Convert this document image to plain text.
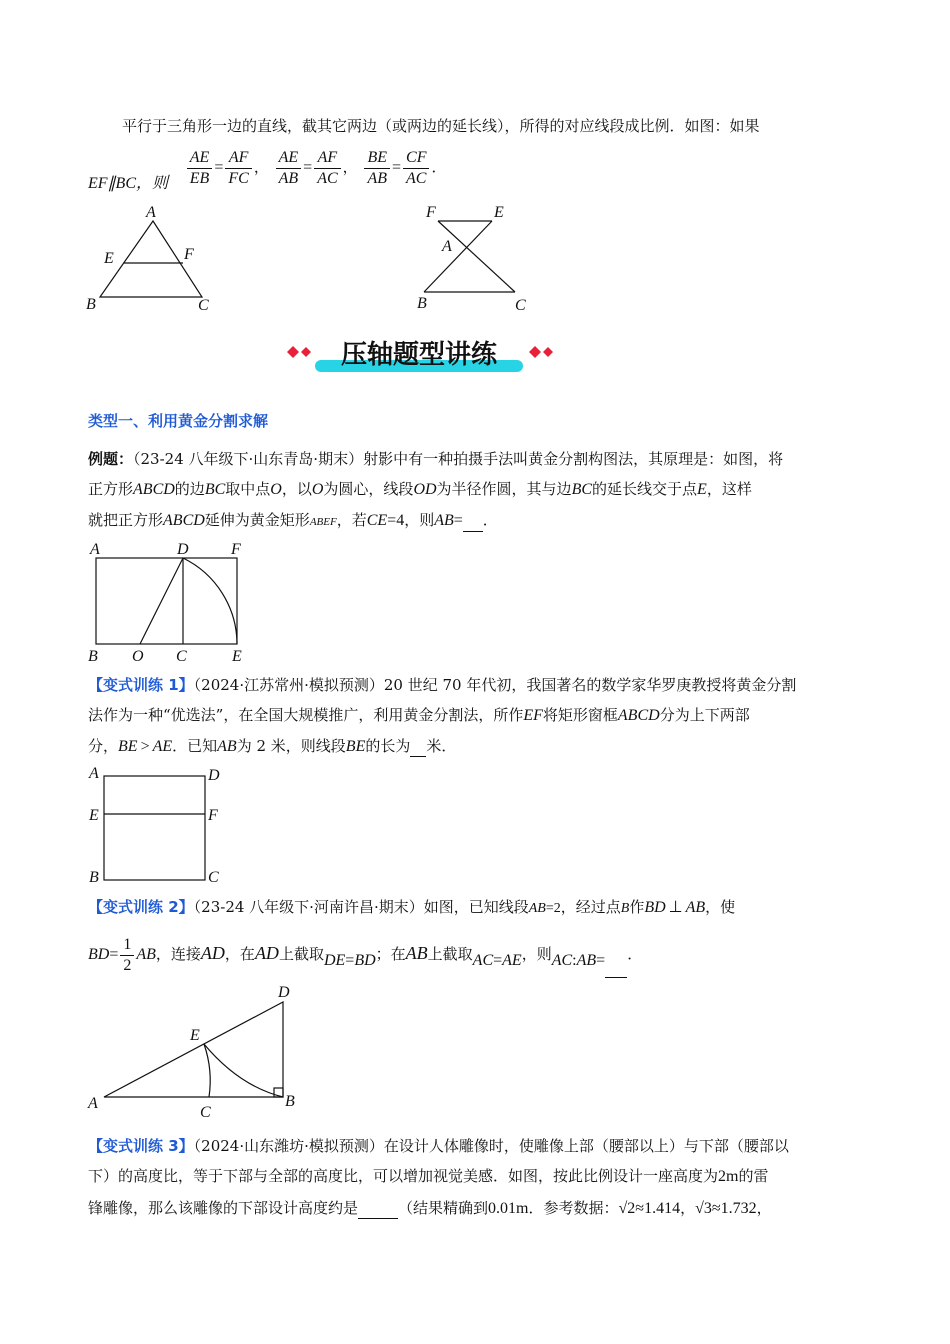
平行于三角形一边的直线，截其它两边（或两边的延长线），所得的对应线段成比例．如图：如果

$\frac{AE}{EB} = \frac{AF}{FC}$ ， $\frac{AE}{AB} = \frac{AF}{AC}$ ， $\frac{BE}{AB} = \frac{CF}{AC}$ ．
EF∥BC，则
A
E	F
B	C
F	E
A
B	C
压轴题型讲练
类型一、利用黄金分割求解
例题：（23-24 八年级下·山东青岛·期末）射影中有一种拍摄手法叫黄金分割构图法，其原理是：如图，将
正方形ABCD的边BC取中点O，以O为圆心，线段OD为半径作圆，其与边BC的延长线交于点E，这样
就把正方形ABCD延伸为黄金矩形ABEF，若CE=4，则AB= ．
A	D	F
B O C	E
【变式训练 1】（2024·江苏常州·模拟预测）20 世纪 70 年代初，我国著名的数学家华罗庚教授将黄金分割
法作为一种“优选法”，在全国大规模推广，利用黄金分割法，所作EF将矩形窗框ABCD分为上下两部
分，BE > AE．已知AB为 2 米，则线段BE的长为 米．
A	D
E	F
B	C
【变式训练 2】（23-24 八年级下·河南许昌·期末）如图，已知线段AB=2，经过点B作BD ⊥ AB，使
$BD= \frac{1}{2}$ AB，连接AD，在AD上截取DE=BD；在AB上截取AC=AE，则AC:AB= ．
D
E
A
C
B
【变式训练 3】（2024·山东潍坊·模拟预测）在设计人体雕像时，使雕像上部（腰部以上）与下部（腰部以
下）的高度比，等于下部与全部的高度比，可以增加视觉美感．如图，按此比例设计一座高度为2m的雷
锋雕像，那么该雕像的下部设计高度约是	（结果精确到0.01m．参考数据：√2≈1.414，√3≈1.732，
